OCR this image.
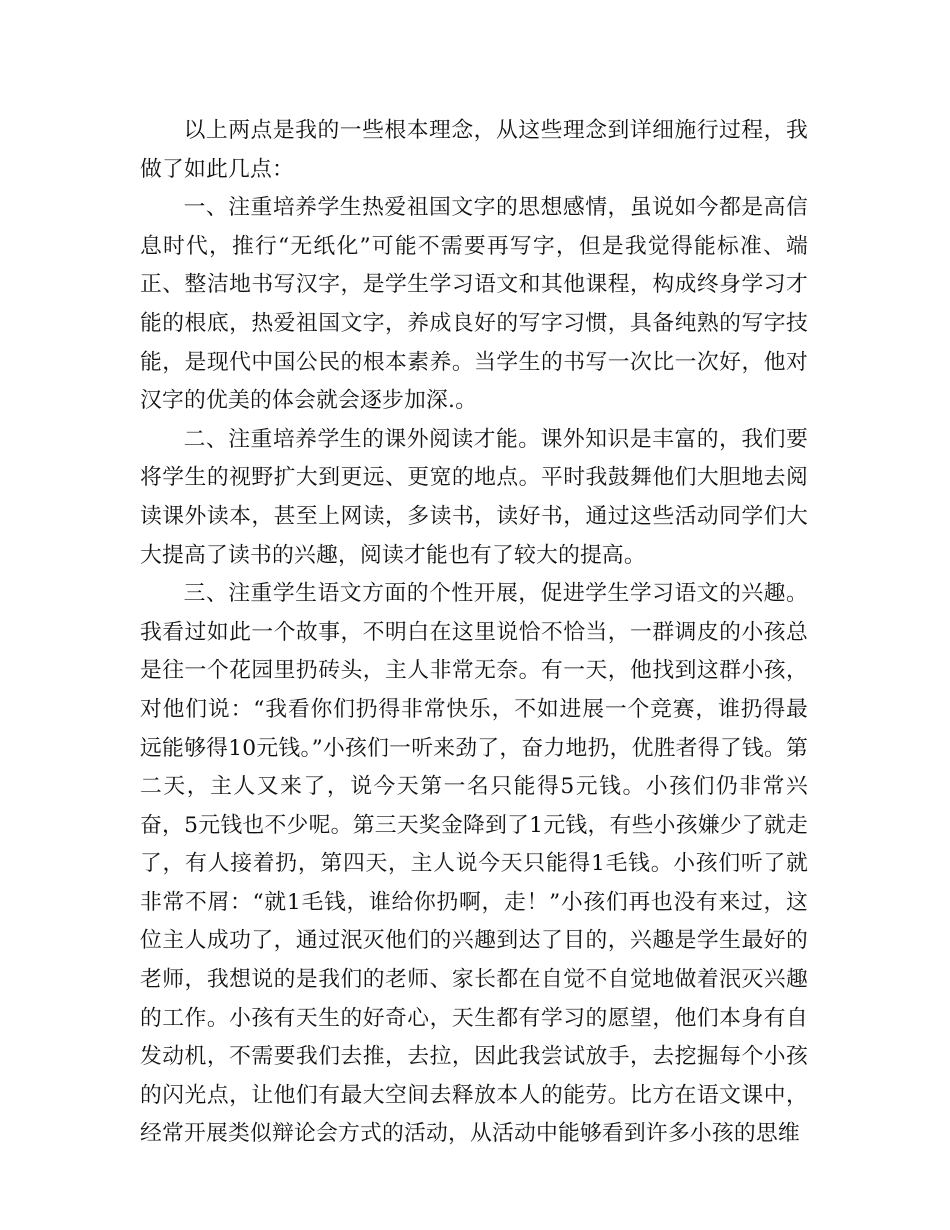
以上两点是我的一些根本理念，从这些理念到详细施行过程，我做了如此几点：

一、注重培养学生热爱祖国文字的思想感情，虽说如今都是高信息时代，推行“无纸化”可能不需要再写字，但是我觉得能标准、端正、整洁地书写汉字，是学生学习语文和其他课程，构成终身学习才能的根底，热爱祖国文字，养成良好的写字习惯，具备纯熟的写字技能，是现代中国公民的根本素养。当学生的书写一次比一次好，他对汉字的优美的体会就会逐步加深.。

二、注重培养学生的课外阅读才能。课外知识是丰富的，我们要将学生的视野扩大到更远、更宽的地点。平时我鼓舞他们大胆地去阅读课外读本，甚至上网读，多读书，读好书，通过这些活动同学们大大提高了读书的兴趣，阅读才能也有了较大的提高。

三、注重学生语文方面的个性开展，促进学生学习语文的兴趣。我看过如此一个故事，不明白在这里说恰不恰当，一群调皮的小孩总是往一个花园里扔砖头，主人非常无奈。有一天，他找到这群小孩，对他们说：“我看你们扔得非常快乐，不如进展一个竞赛，谁扔得最远能够得10元钱。”小孩们一听来劲了，奋力地扔，优胜者得了钱。第二天，主人又来了，说今天第一名只能得5元钱。小孩们仍非常兴奋，5元钱也不少呢。第三天奖金降到了1元钱，有些小孩嫌少了就走了，有人接着扔，第四天，主人说今天只能得1毛钱。小孩们听了就非常不屑：“就1毛钱，谁给你扔啊，走！”小孩们再也没有来过，这位主人成功了，通过泯灭他们的兴趣到达了目的，兴趣是学生最好的老师，我想说的是我们的老师、家长都在自觉不自觉地做着泯灭兴趣的工作。小孩有天生的好奇心，天生都有学习的愿望，他们本身有自发动机，不需要我们去推，去拉，因此我尝试放手，去挖掘每个小孩的闪光点，让他们有最大空间去释放本人的能劳。比方在语文课中，经常开展类似辩论会方式的活动，从活动中能够看到许多小孩的思维
